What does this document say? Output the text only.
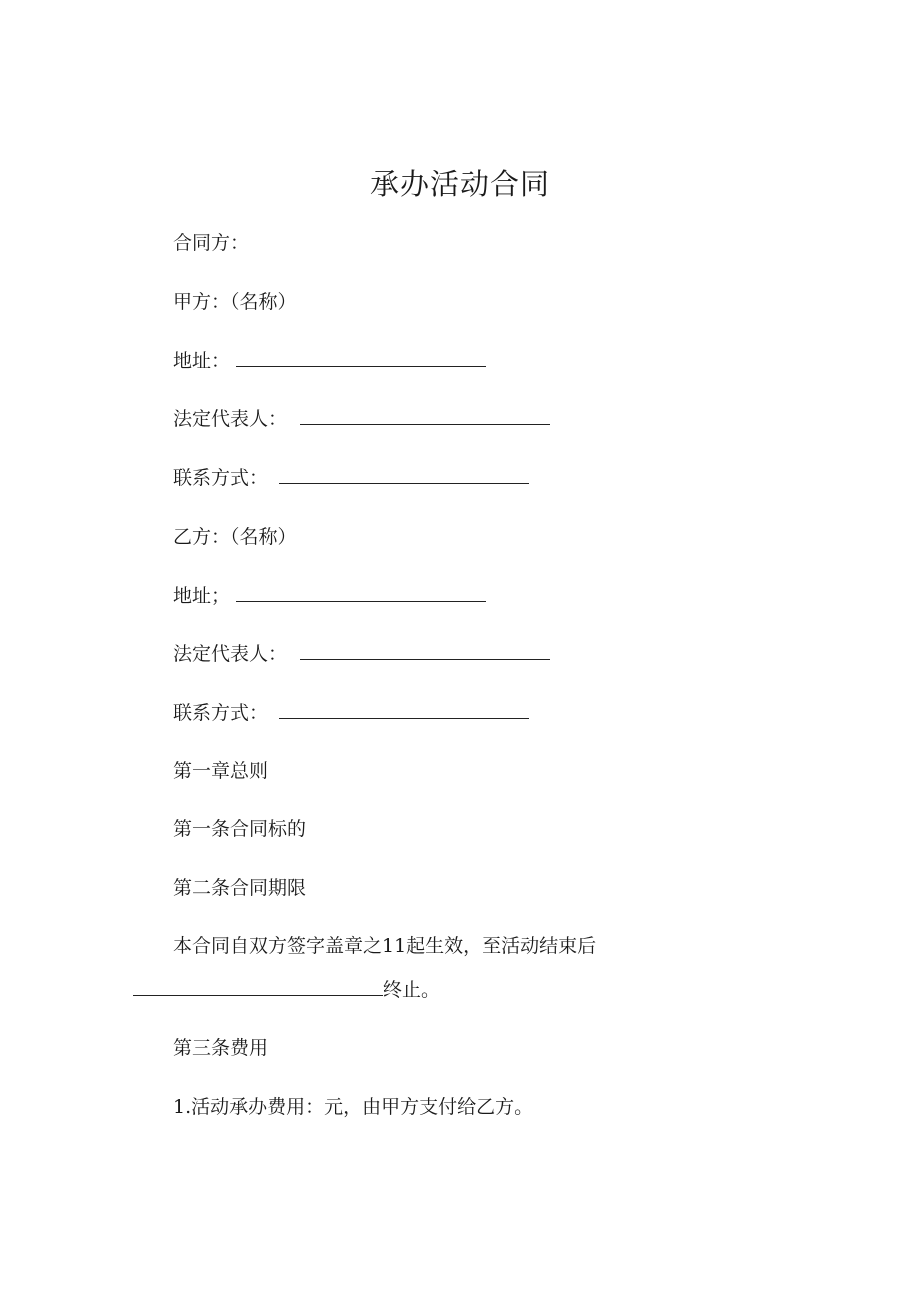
承办活动合同
合同方：
甲方：（名称）
地址：
法定代表人：
联系方式：
乙方：（名称）
地址；
法定代表人：
联系方式：
第一章总则
第一条合同标的
第二条合同期限
本合同自双方签字盖章之11起生效，至活动结束后
终止。
第三条费用
1.活动承办费用：元，由甲方支付给乙方。
